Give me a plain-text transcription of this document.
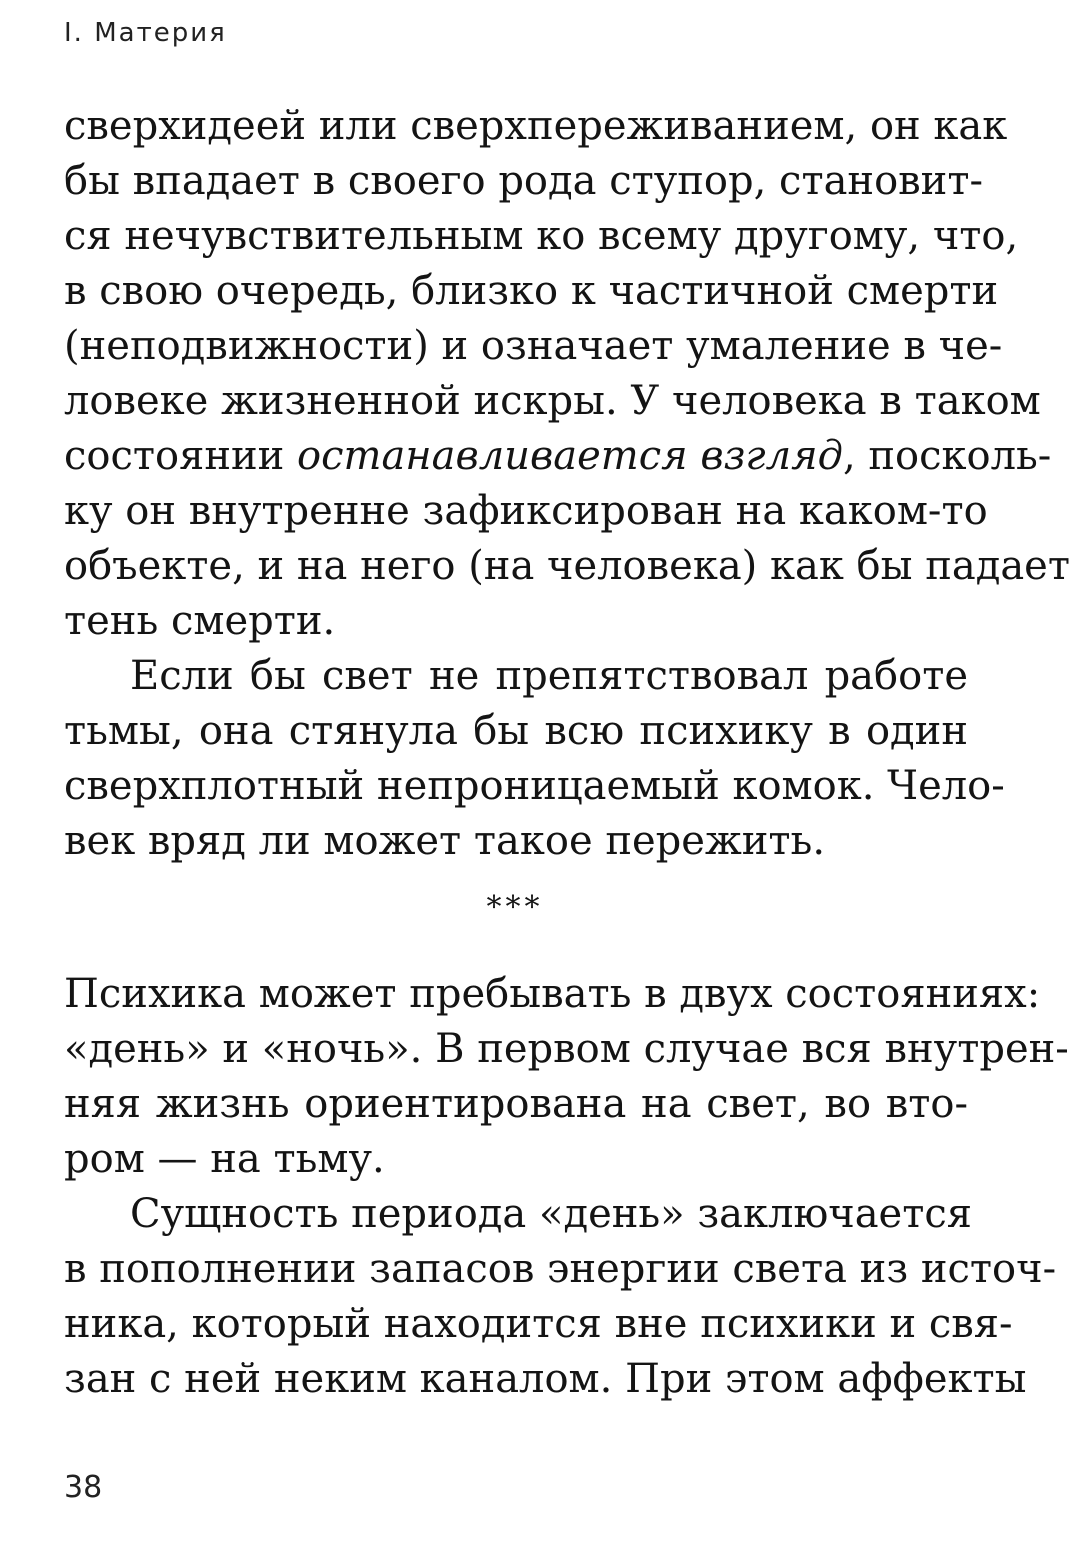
I. Материя
сверхидеей или сверхпереживанием, он как
бы впадает в своего рода ступор, становит-
ся нечувствительным ко всему другому, что,
в свою очередь, близко к частичной смерти
(неподвижности) и означает умаление в че-
ловеке жизненной искры. У человека в таком
состоянии останавливается взгляд, посколь-
ку он внутренне зафиксирован на каком-то
объекте, и на него (на человека) как бы падает
тень смерти.
Если бы свет не препятствовал работе
тьмы, она стянула бы всю психику в один
сверхплотный непроницаемый комок. Чело-
век вряд ли может такое пережить.
***
Психика может пребывать в двух состояниях:
«день» и «ночь». В первом случае вся внутрен-
няя жизнь ориентирована на свет, во вто-
ром — на тьму.
Сущность периода «день» заключается
в пополнении запасов энергии света из источ-
ника, который находится вне психики и свя-
зан с ней неким каналом. При этом аффекты
38
